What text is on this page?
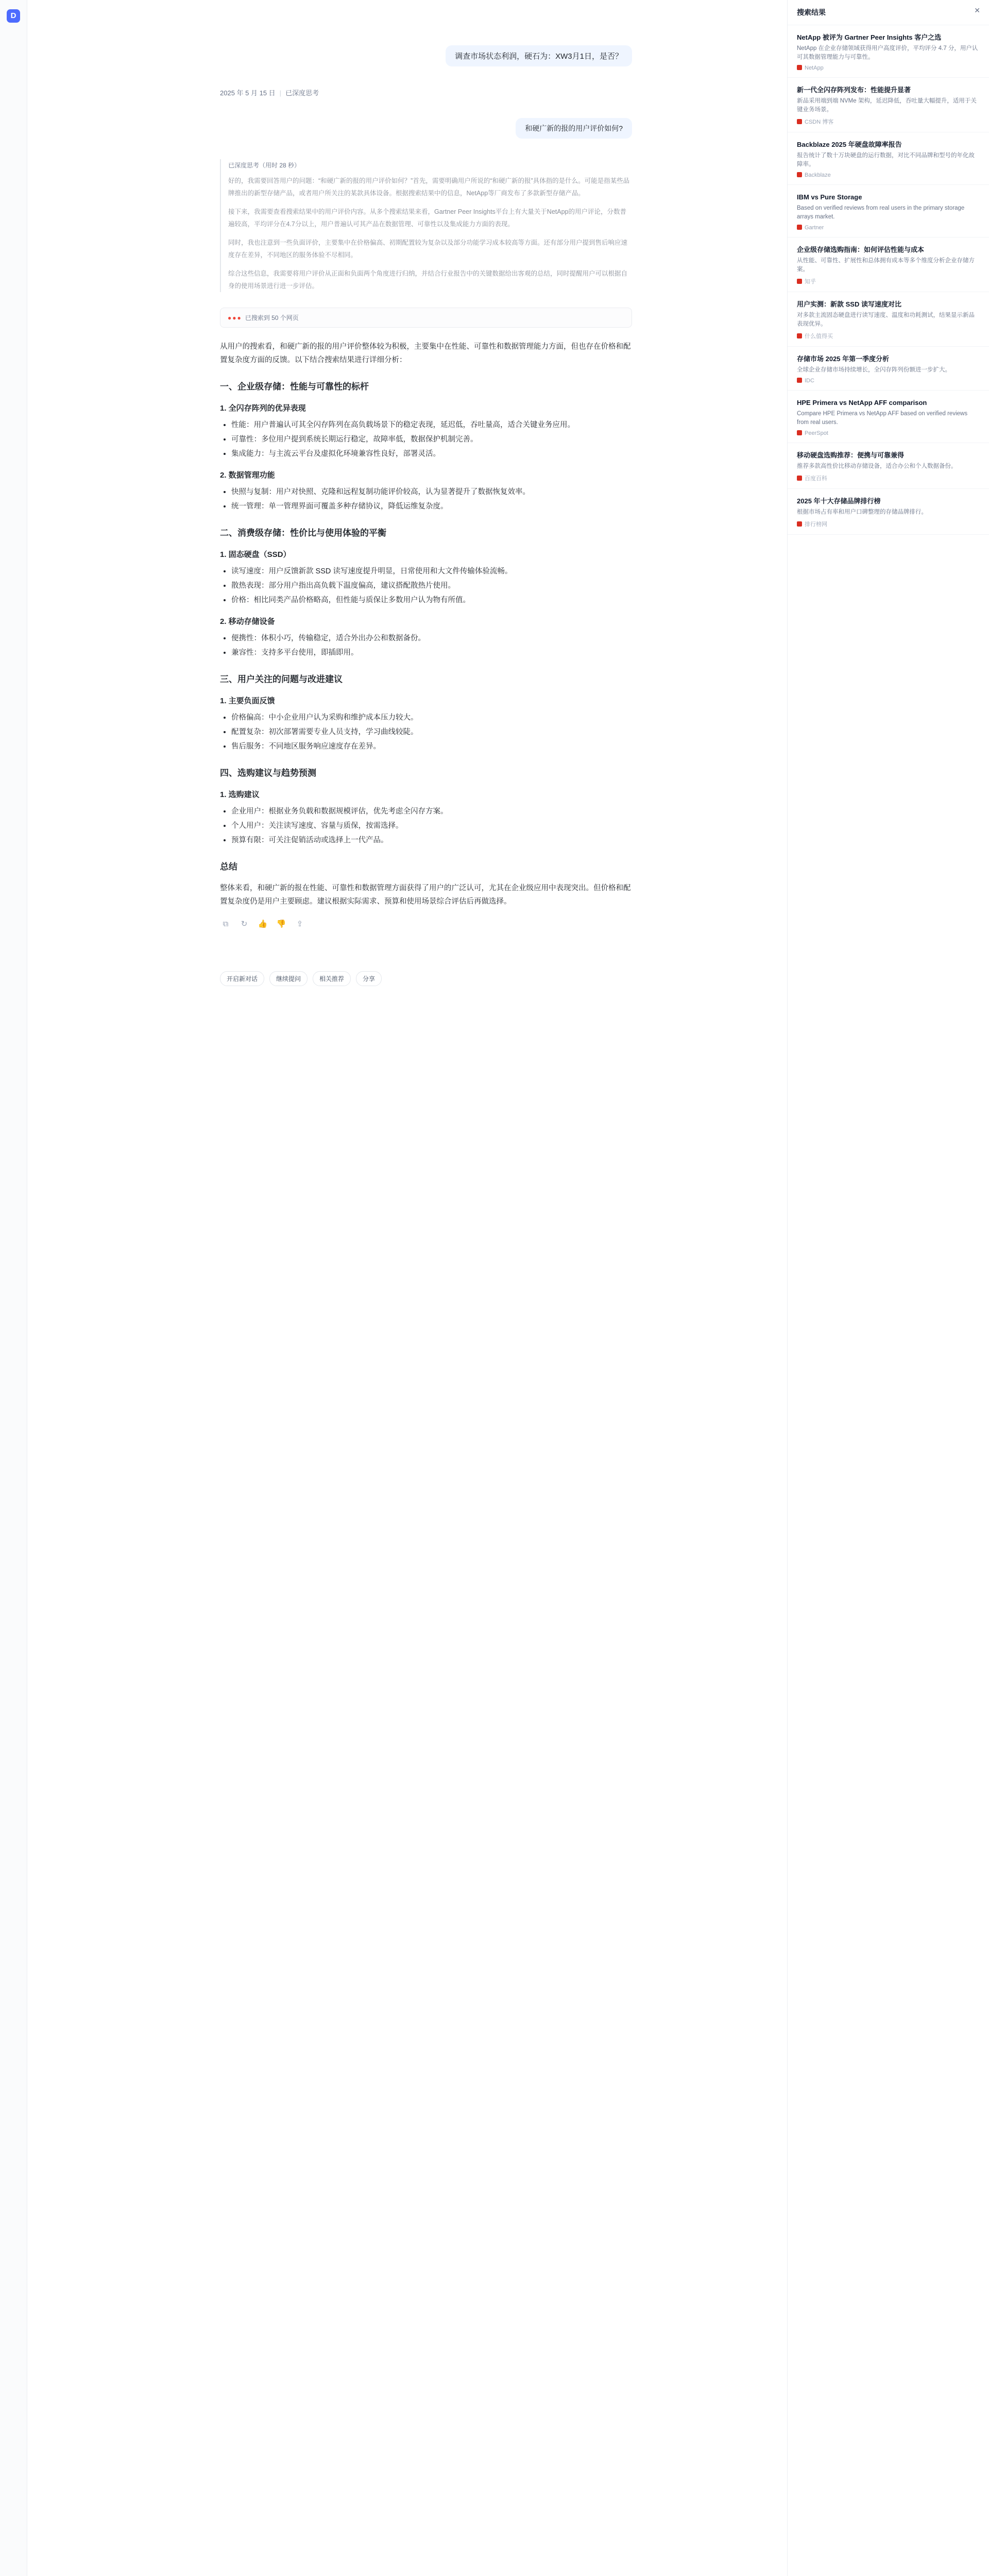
D
调查市场状态利润，硬石为：XW3月1日，是否？
2025 年 5 月 15 日 | 已深度思考
和硬广新的报的用户评价如何?
已深度思考（用时 28 秒）

好的，我需要回答用户的问题：“和硬广新的报的用户评价如何？”首先，需要明确用户所说的“和硬广新的报”具体指的是什么。可能是指某些品牌推出的新型存储产品，或者用户所关注的某款具体设备。根据搜索结果中的信息，NetApp等厂商发布了多款新型存储产品。

接下来，我需要查看搜索结果中的用户评价内容。从多个搜索结果来看，Gartner Peer Insights平台上有大量关于NetApp的用户评论，分数普遍较高，平均评分在4.7分以上，用户普遍认可其产品在数据管理、可靠性以及集成能力方面的表现。

同时，我也注意到一些负面评价，主要集中在价格偏高、初期配置较为复杂以及部分功能学习成本较高等方面。还有部分用户提到售后响应速度存在差异，不同地区的服务体验不尽相同。

综合这些信息，我需要将用户评价从正面和负面两个角度进行归纳，并结合行业报告中的关键数据给出客观的总结，同时提醒用户可以根据自身的使用场景进行进一步评估。

●●● 已搜索到 50 个网页

从用户的搜索看，和硬广新的报的用户评价整体较为积极，主要集中在性能、可靠性和数据管理能力方面，但也存在价格和配置复杂度方面的反馈。以下结合搜索结果进行详细分析：

一、企业级存储：性能与可靠性的标杆
1. 全闪存阵列的优异表现
• 性能：用户普遍认可其全闪存阵列在高负载场景下的稳定表现，延迟低，吞吐量高，适合关键业务应用。
• 可靠性：多位用户提到系统长期运行稳定，故障率低，数据保护机制完善。
• 集成能力：与主流云平台及虚拟化环境兼容性良好，部署灵活。
2. 数据管理功能
• 快照与复制：用户对快照、克隆和远程复制功能评价较高，认为显著提升了数据恢复效率。
• 统一管理：单一管理界面可覆盖多种存储协议，降低运维复杂度。
二、消费级存储：性价比与使用体验的平衡
1. 固态硬盘（SSD）
• 读写速度：用户反馈新款 SSD 读写速度提升明显，日常使用和大文件传输体验流畅。
• 散热表现：部分用户指出高负载下温度偏高，建议搭配散热片使用。
• 价格：相比同类产品价格略高，但性能与质保让多数用户认为物有所值。
2. 移动存储设备
• 便携性：体积小巧，传输稳定，适合外出办公和数据备份。
• 兼容性：支持多平台使用，即插即用。
三、用户关注的问题与改进建议
1. 主要负面反馈
• 价格偏高：中小企业用户认为采购和维护成本压力较大。
• 配置复杂：初次部署需要专业人员支持，学习曲线较陡。
• 售后服务：不同地区服务响应速度存在差异。
四、选购建议与趋势预测
1. 选购建议
• 企业用户：根据业务负载和数据规模评估，优先考虑全闪存方案。
• 个人用户：关注读写速度、容量与质保，按需选择。
• 预算有限：可关注促销活动或选择上一代产品。
总结

整体来看，和硬广新的报在性能、可靠性和数据管理方面获得了用户的广泛认可，尤其在企业级应用中表现突出。但价格和配置复杂度仍是用户主要顾虑。建议根据实际需求、预算和使用场景综合评估后再做选择。

⧉	↻	👍 👎	⇪
开启新对话	继续提问	相关推荐	分享
搜索结果	✕
NetApp 被评为 Gartner Peer Insights 客户之选
NetApp 在企业存储领域获得用户高度评价，平均评分 4.7 分，用户认可其数据管理能力与可靠性。
NetApp
新一代全闪存阵列发布：性能提升显著
新品采用端到端 NVMe 架构，延迟降低，吞吐量大幅提升，适用于关键业务场景。
CSDN 博客
Backblaze 2025 年硬盘故障率报告
报告统计了数十万块硬盘的运行数据，对比不同品牌和型号的年化故障率。
Backblaze
IBM vs Pure Storage
Based on verified reviews from real users in the primary storage arrays market.
Gartner
企业级存储选购指南：如何评估性能与成本
从性能、可靠性、扩展性和总体拥有成本等多个维度分析企业存储方案。
知乎
用户实测：新款 SSD 读写速度对比
对多款主流固态硬盘进行读写速度、温度和功耗测试，结果显示新品表现优异。
什么值得买
存储市场 2025 年第一季度分析
全球企业存储市场持续增长，全闪存阵列份额进一步扩大。
IDC
HPE Primera vs NetApp AFF comparison
Compare HPE Primera vs NetApp AFF based on verified reviews from real users.
PeerSpot
移动硬盘选购推荐：便携与可靠兼得
推荐多款高性价比移动存储设备，适合办公和个人数据备份。
百度百科
2025 年十大存储品牌排行榜
根据市场占有率和用户口碑整理的存储品牌排行。
排行榜网
